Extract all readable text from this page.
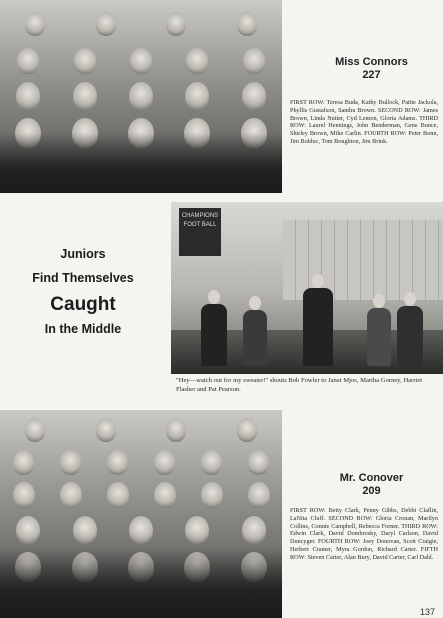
Miss Connors
227
FIRST ROW: Teresa Buda, Kathy Bullock, Pattie Jackola, Phyllis Gustafson, Sandra Brown. SECOND ROW: James Brown, Linda Nutter, Cyd Lemon, Gloria Adams. THIRD ROW: Laurel Hennings, John Benderman, Gene Bunce, Shirley Brown, Mike Carlin. FOURTH ROW: Peter Bonn, Jim Bolduc, Tom Boughton, Jim Brink.
Juniors
Find Themselves
Caught
In the Middle
CHAMPIONS FOOT BALL
"Hey—watch out for my sweater!" shouts Bob Fowler to Janet Mjos, Martha Gorney, Harriet Flasher and Pat Pearson.
Mr. Conover
209
FIRST ROW: Betty Clark, Penny Gibbs, Debbi Claflin, LaNita Cluff. SECOND ROW: Gloria Cronan, Marilyn Collins, Connie Campbell, Rebecca Forner. THIRD ROW: Edwin Clark, David Dombrosky, Daryl Carlson, David Duncyger. FOURTH ROW: Joey Donovan, Scott Craigie, Herbert Cramer, Myra Gordon, Richard Carter. FIFTH ROW: Steven Carter, Alan Bury, David Carter, Carl Dahl.
137
